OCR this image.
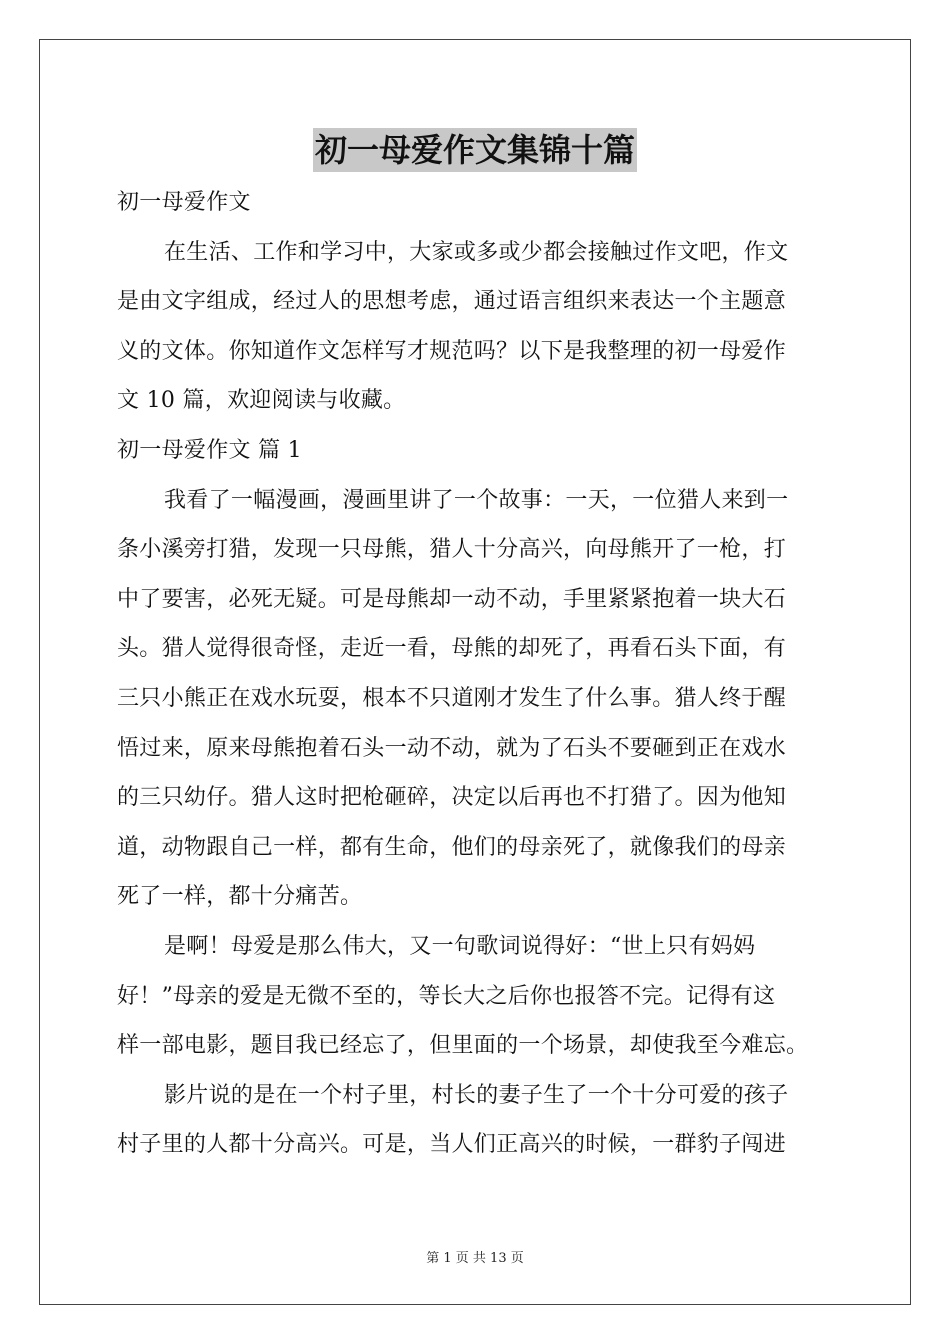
初一母爱作文集锦十篇
初一母爱作文
在生活、工作和学习中，大家或多或少都会接触过作文吧，作文
是由文字组成，经过人的思想考虑，通过语言组织来表达一个主题意
义的文体。你知道作文怎样写才规范吗？以下是我整理的初一母爱作
文 10 篇，欢迎阅读与收藏。
初一母爱作文 篇 1
我看了一幅漫画，漫画里讲了一个故事：一天，一位猎人来到一
条小溪旁打猎，发现一只母熊，猎人十分高兴，向母熊开了一枪，打
中了要害，必死无疑。可是母熊却一动不动，手里紧紧抱着一块大石
头。猎人觉得很奇怪，走近一看，母熊的却死了，再看石头下面，有
三只小熊正在戏水玩耍，根本不只道刚才发生了什么事。猎人终于醒
悟过来，原来母熊抱着石头一动不动，就为了石头不要砸到正在戏水
的三只幼仔。猎人这时把枪砸碎，决定以后再也不打猎了。因为他知
道，动物跟自己一样，都有生命，他们的母亲死了，就像我们的母亲
死了一样，都十分痛苦。
是啊！母爱是那么伟大，又一句歌词说得好：“世上只有妈妈
好！”母亲的爱是无微不至的，等长大之后你也报答不完。记得有这
样一部电影，题目我已经忘了，但里面的一个场景，却使我至今难忘。
影片说的是在一个村子里，村长的妻子生了一个十分可爱的孩子
村子里的人都十分高兴。可是，当人们正高兴的时候，一群豹子闯进
第 1 页 共 13 页
